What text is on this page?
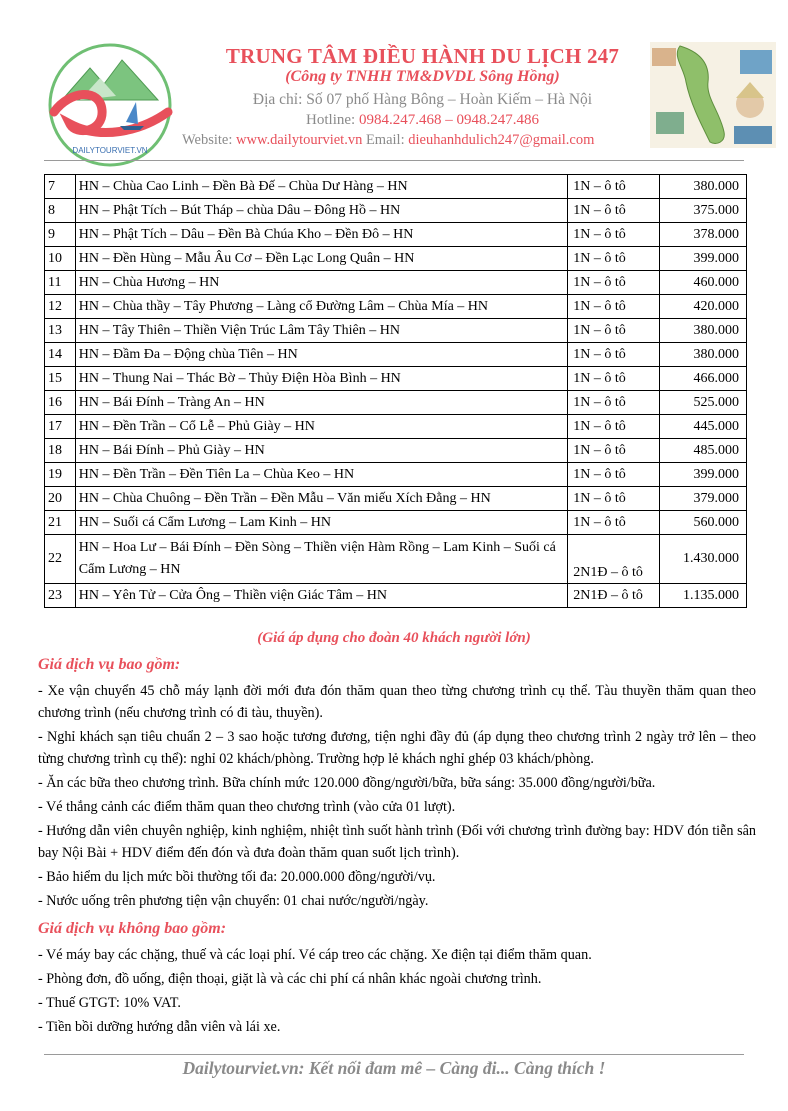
DAILYTOURVIET.VN
TRUNG TÂM ĐIỀU HÀNH DU LỊCH 247
(Công ty TNHH TM&DVDL Sông Hồng)
Địa chỉ: Số 07 phố Hàng Bông – Hoàn Kiếm – Hà Nội
Hotline: 0984.247.468 – 0948.247.486
Website: www.dailytourviet.vn Email: dieuhanhdulich247@gmail.com
7	HN – Chùa Cao Linh – Đền Bà Đế – Chùa Dư Hàng – HN	1N – ô tô	380.000
8	HN – Phật Tích – Bút Tháp – chùa Dâu – Đông Hồ – HN	1N – ô tô	375.000
9	HN – Phật Tích – Dâu – Đền Bà Chúa Kho – Đền Đô – HN	1N – ô tô	378.000
10	HN – Đền Hùng – Mẫu Âu Cơ – Đền Lạc Long Quân – HN	1N – ô tô	399.000
11	HN – Chùa Hương – HN	1N – ô tô	460.000
12	HN – Chùa thầy – Tây Phương – Làng cổ Đường Lâm – Chùa Mía – HN	1N – ô tô	420.000
13	HN – Tây Thiên – Thiền Viện Trúc Lâm Tây Thiên – HN	1N – ô tô	380.000
14	HN – Đầm Đa – Động chùa Tiên – HN	1N – ô tô	380.000
15	HN – Thung Nai – Thác Bờ – Thủy Điện Hòa Bình – HN	1N – ô tô	466.000
16	HN – Bái Đính – Tràng An – HN	1N – ô tô	525.000
17	HN – Đền Trần – Cổ Lễ – Phủ Giày – HN	1N – ô tô	445.000
18	HN – Bái Đính – Phủ Giày – HN	1N – ô tô	485.000
19	HN – Đền Trần – Đền Tiên La – Chùa Keo – HN	1N – ô tô	399.000
20	HN – Chùa Chuông – Đền Trần – Đền Mẫu – Văn miếu Xích Đằng – HN	1N – ô tô	379.000
21	HN – Suối cá Cẩm Lương – Lam Kinh – HN	1N – ô tô	560.000
22	HN – Hoa Lư – Bái Đính – Đền Sòng – Thiền viện Hàm Rồng – Lam Kinh – Suối cá Cẩm Lương – HN	2N1Đ – ô tô	1.430.000
23	HN – Yên Tử – Cửa Ông – Thiền viện Giác Tâm – HN	2N1Đ – ô tô	1.135.000
(Giá áp dụng cho đoàn 40 khách người lớn)
Giá dịch vụ bao gồm:

- Xe vận chuyển 45 chỗ máy lạnh đời mới đưa đón thăm quan theo từng chương trình cụ thể. Tàu thuyền thăm quan theo chương trình (nếu chương trình có đi tàu, thuyền).

- Nghỉ khách sạn tiêu chuẩn 2 – 3 sao hoặc tương đương, tiện nghi đầy đủ (áp dụng theo chương trình 2 ngày trở lên – theo từng chương trình cụ thể): nghỉ 02 khách/phòng. Trường hợp lẻ khách nghỉ ghép 03 khách/phòng.

- Ăn các bữa theo chương trình. Bữa chính mức 120.000 đồng/người/bữa, bữa sáng: 35.000 đồng/người/bữa.

- Vé thắng cảnh các điểm thăm quan theo chương trình (vào cửa 01 lượt).

- Hướng dẫn viên chuyên nghiệp, kinh nghiệm, nhiệt tình suốt hành trình (Đối với chương trình đường bay: HDV đón tiễn sân bay Nội Bài + HDV điểm đến đón và đưa đoàn thăm quan suốt lịch trình).

- Bảo hiểm du lịch mức bồi thường tối đa: 20.000.000 đồng/người/vụ.

- Nước uống trên phương tiện vận chuyển: 01 chai nước/người/ngày.

Giá dịch vụ không bao gồm:

- Vé máy bay các chặng, thuế và các loại phí. Vé cáp treo các chặng. Xe điện tại điểm thăm quan.

- Phòng đơn, đồ uống, điện thoại, giặt là và các chi phí cá nhân khác ngoài chương trình.

- Thuế GTGT: 10% VAT.

- Tiền bồi dưỡng hướng dẫn viên và lái xe.

Dailytourviet.vn: Kết nối đam mê – Càng đi... Càng thích !
